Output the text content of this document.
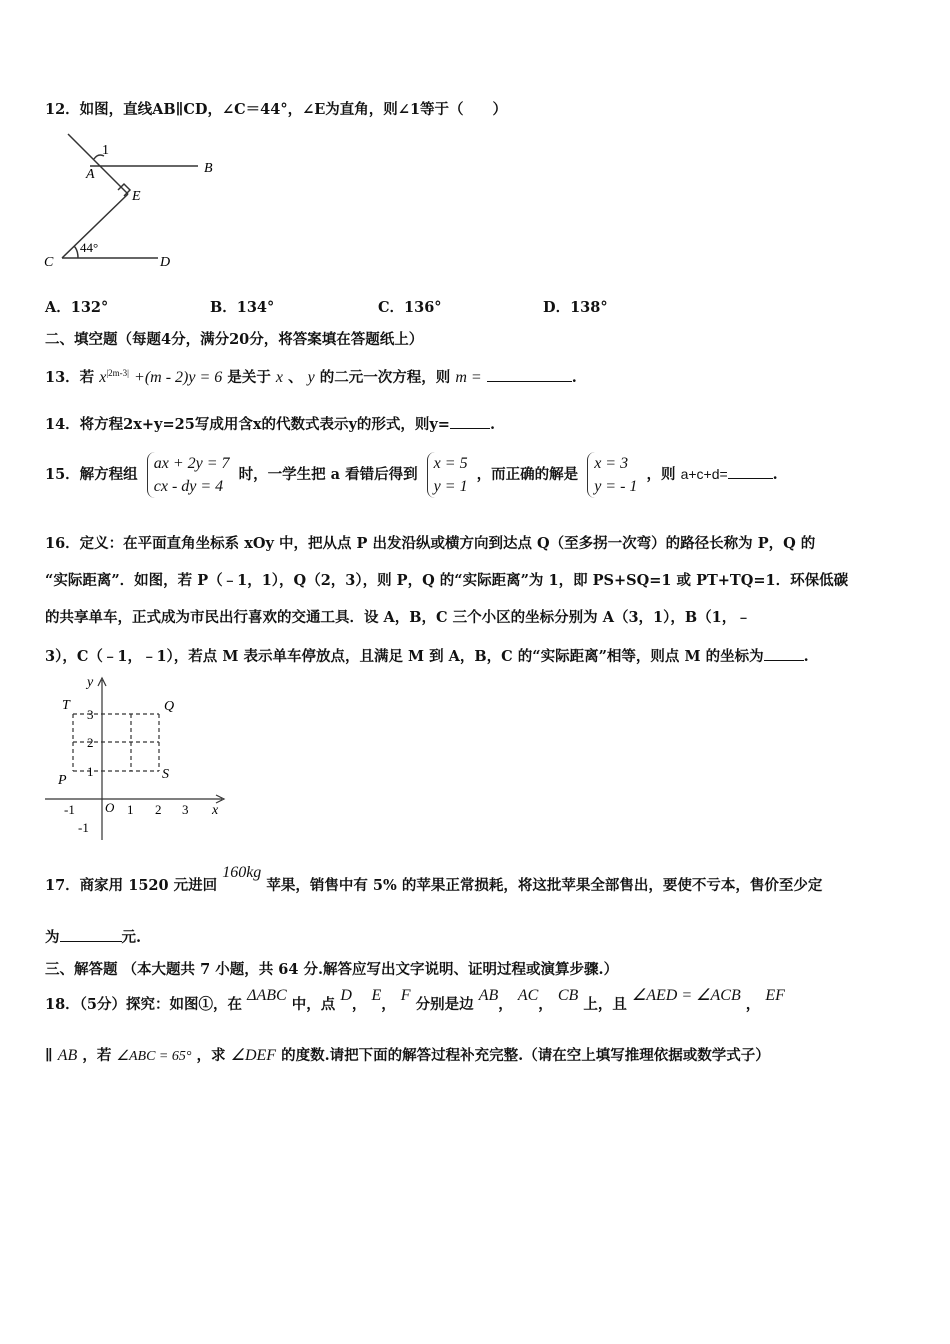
12．如图，直线AB∥CD，∠C＝44°，∠E为直角，则∠1等于（　　）
1
A	B
E
C
44°
D
A．132°	B．134°	C．136°	D．138°
二、填空题（每题4分，满分20分，将答案填在答题纸上）
13．若 $x^{|2m-3|} +(m - 2)y = 6$ 是关于 x 、 y 的二元一次方程，则 m =	.
14．将方程2x+y=25写成用含x的代数式表示y的形式，则y=	.
15．解方程组
ax + 2y = 7
cx - dy = 4
时，一学生把 a 看错后得到
x = 5
y = 1
，而正确的解是
x = 3
y = - 1
，则 a+c+d=	.
16．定义：在平面直角坐标系 xOy 中，把从点 P 出发沿纵或横方向到达点 Q（至多拐一次弯）的路径长称为 P，Q 的
“实际距离”．如图，若 P（﹣1，1），Q（2，3），则 P，Q 的“实际距离”为 1，即 PS+SQ=1 或 PT+TQ=1．环保低碳
的共享单车，正式成为市民出行喜欢的交通工具．设 A，B，C 三个小区的坐标分别为 A（3，1），B（1，﹣
3），C（﹣1，﹣1），若点 M 表示单车停放点，且满足 M 到 A，B，C 的“实际距离”相等，则点 M 的坐标为	.
y
T	Q
3
2
1
P	S
-1 O 1 2 3 x
-1
17．商家用 1520 元进回 160kg 苹果，销售中有 5% 的苹果正常损耗，将这批苹果全部售出，要使不亏本，售价至少定
为	元.
三、解答题 （本大题共 7 小题，共 64 分.解答应写出文字说明、证明过程或演算步骤.）
18．（5分）探究：如图①，在 ΔABC 中，点 D， E， F 分别是边 AB， AC， CB 上，且 ∠AED = ∠ACB ， EF
∥ AB ，若 ∠ABC = 65° ，求 ∠DEF 的度数.请把下面的解答过程补充完整.（请在空上填写推理依据或数学式子）
